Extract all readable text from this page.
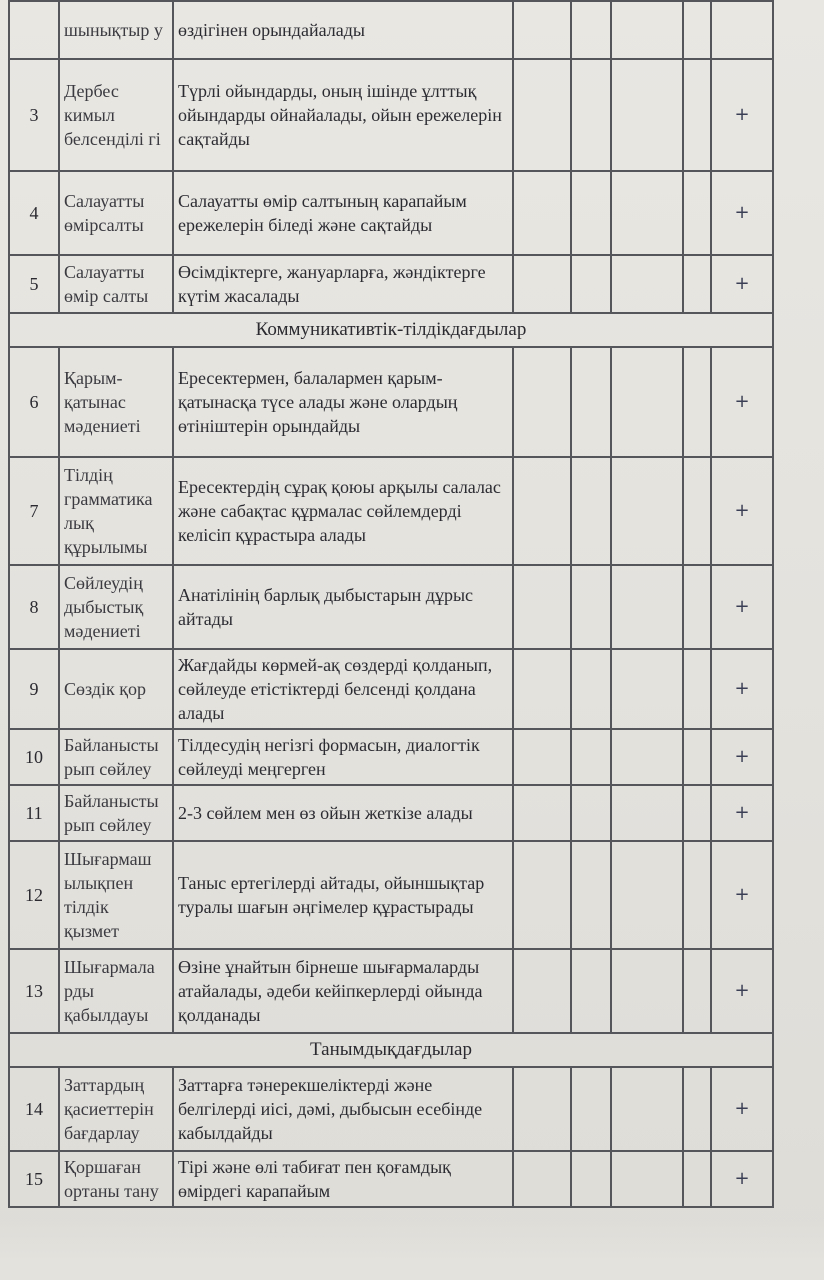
	шынықтыр у	өздігінен орындайалады					
3	Дербес кимыл белсенділі гі	Түрлі ойындарды, оның ішінде ұлттық ойындарды ойнайалады, ойын ережелерін сақтайды					+
4	Салауатты өмірсалты	Салауатты өмір салтының карапайым ережелерін біледі және сақтайды					+
5	Салауатты өмір салты	Өсімдіктерге, жануарларға, жәндіктерге күтім жасалады					+
Коммуникативтік-тілдікдағдылар							
6	Қарым-қатынас мәдениеті	Ересектермен, балалармен қарым-қатынасқа түсе алады және олардың өтініштерін орындайды					+
7	Тілдің грамматика лық құрылымы	Ересектердің сұрақ қоюы арқылы салалас және сабақтас құрмалас сөйлемдерді келісіп құрастыра алады					+
8	Сөйлеудің дыбыстық мәдениеті	Анатілінің барлық дыбыстарын дұрыс айтады					+
9	Сөздік қор	Жағдайды көрмей-ақ сөздерді қолданып, сөйлеуде етістіктерді белсенді қолдана алады					+
10	Байланысты рып сөйлеу	Тілдесудің негізгі формасын, диалогтік сөйлеуді меңгерген					+
11	Байланысты рып сөйлеу	2-3 сөйлем мен өз ойын жеткізе алады					+
12	Шығармаш ылықпен тілдік қызмет	Таныс ертегілерді айтады, ойыншықтар туралы шағын әңгімелер құрастырады					+
13	Шығармала рды қабылдауы	Өзіне ұнайтын бірнеше шығармаларды атайалады, әдеби кейіпкерлерді ойында қолданады					+
Танымдықдағдылар							
14	Заттардың қасиеттерін бағдарлау	Заттарға тәнерекшеліктерді және белгілерді иісі, дәмі, дыбысын есебінде кабылдайды					+
15	Қоршаған ортаны тану	Тірі және өлі табиғат пен қоғамдық өмірдегі карапайым					+
